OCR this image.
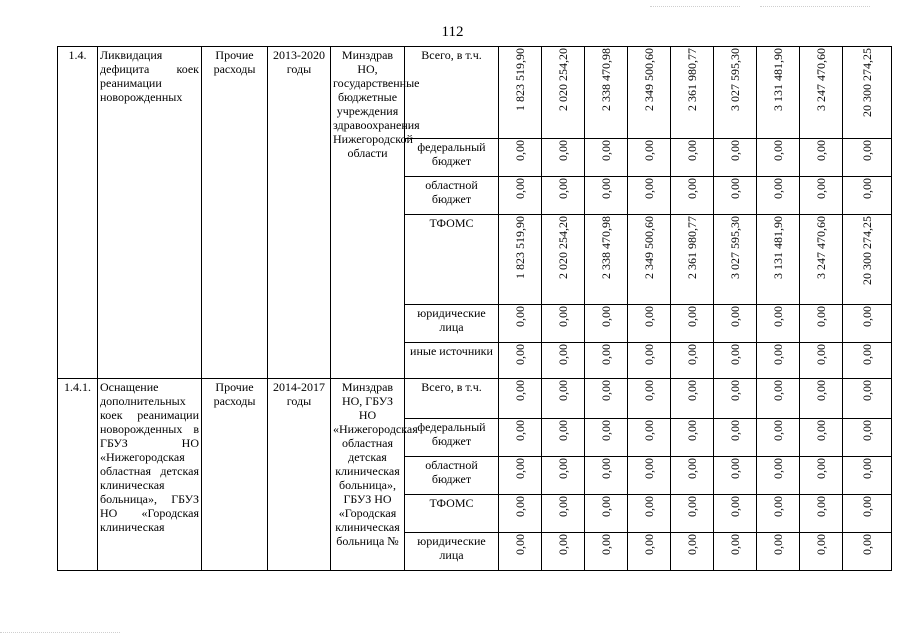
112
1.4.	Ликвидация дефицита коек реанимации новорожденных	Прочие расходы	2013-2020 годы	Минздрав НО, государственные бюджетные учреждения здравоохранения Нижегородской области	Всего, в т.ч.	1 823 519,90	2 020 254,20	2 338 470,98	2 349 500,60	2 361 980,77	3 027 595,30	3 131 481,90	3 247 470,60	20 300 274,25

					федеральный бюджет	0,00	0,00	0,00	0,00	0,00	0,00	0,00	0,00	0,00

					областной бюджет	0,00	0,00	0,00	0,00	0,00	0,00	0,00	0,00	0,00

					ТФОМС	1 823 519,90	2 020 254,20	2 338 470,98	2 349 500,60	2 361 980,77	3 027 595,30	3 131 481,90	3 247 470,60	20 300 274,25

					юридические лица	0,00	0,00	0,00	0,00	0,00	0,00	0,00	0,00	0,00

					иные источники	0,00	0,00	0,00	0,00	0,00	0,00	0,00	0,00	0,00

1.4.1.	Оснащение дополнительных коек реанимации новорожденных в ГБУЗ НО «Нижегородская областная детская клиническая больница», ГБУЗ НО «Городская клиническая	Прочие расходы	2014-2017 годы	Минздрав НО, ГБУЗ НО «Нижегородская областная детская клиническая больница», ГБУЗ НО «Городская клиническая больница №	Всего, в т.ч.	0,00	0,00	0,00	0,00	0,00	0,00	0,00	0,00	0,00

					федеральный бюджет	0,00	0,00	0,00	0,00	0,00	0,00	0,00	0,00	0,00

					областной бюджет	0,00	0,00	0,00	0,00	0,00	0,00	0,00	0,00	0,00

					ТФОМС	0,00	0,00	0,00	0,00	0,00	0,00	0,00	0,00	0,00

					юридические лица	0,00	0,00	0,00	0,00	0,00	0,00	0,00	0,00	0,00
